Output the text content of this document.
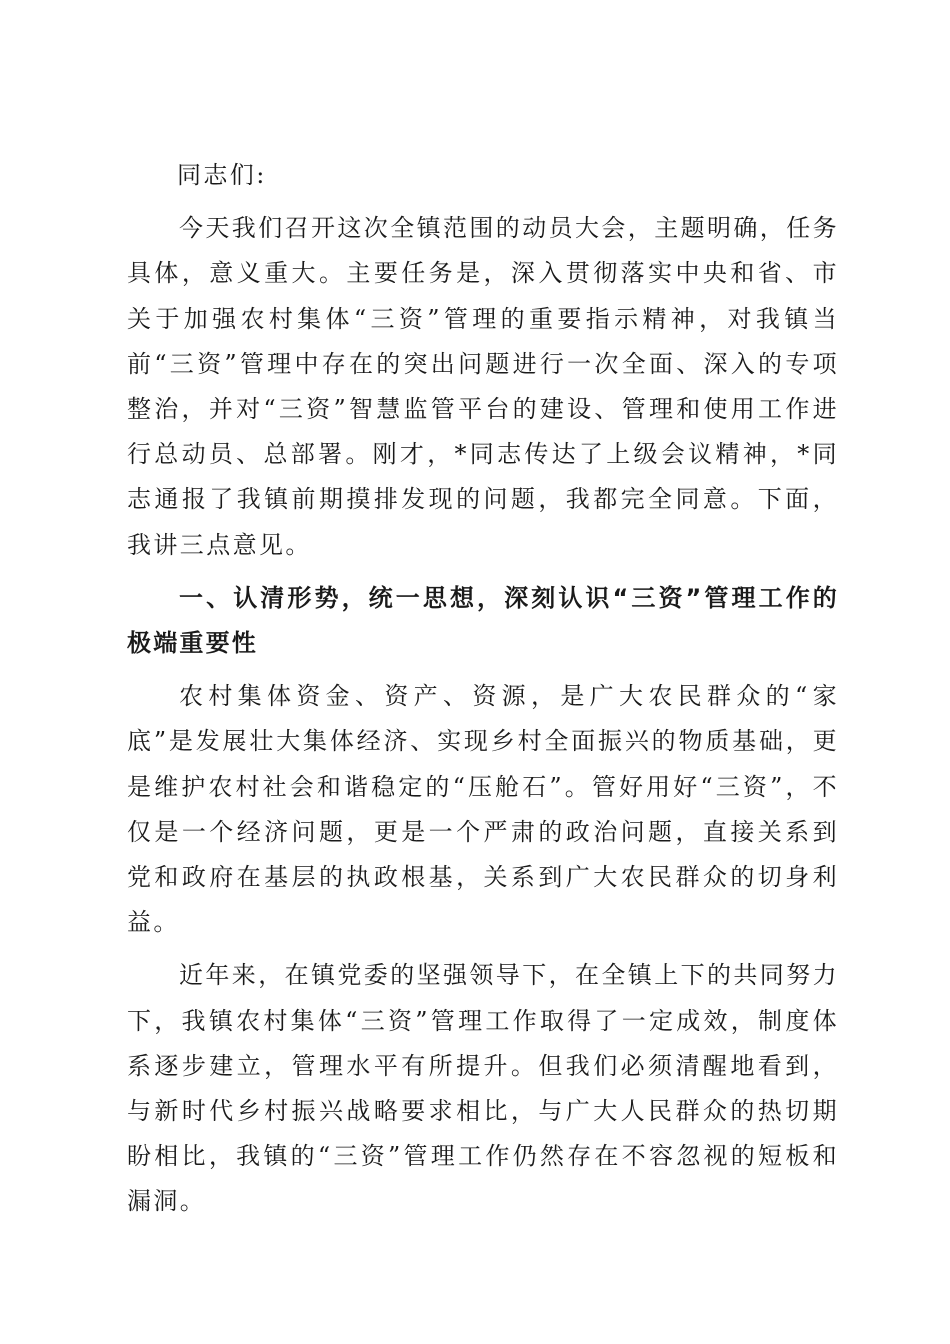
同志们:

今天我们召开这次全镇范围的动员大会，主题明确，任务具体，意义重大。主要任务是，深入贯彻落实中央和省、市关于加强农村集体“三资”管理的重要指示精神，对我镇当前“三资”管理中存在的突出问题进行一次全面、深入的专项整治，并对“三资”智慧监管平台的建设、管理和使用工作进行总动员、总部署。刚才，*同志传达了上级会议精神，*同志通报了我镇前期摸排发现的问题，我都完全同意。下面，我讲三点意见。

一、认清形势，统一思想，深刻认识“三资”管理工作的极端重要性

农村集体资金、资产、资源，是广大农民群众的“家底”是发展壮大集体经济、实现乡村全面振兴的物质基础，更是维护农村社会和谐稳定的“压舱石”。管好用好“三资”，不仅是一个经济问题，更是一个严肃的政治问题，直接关系到党和政府在基层的执政根基，关系到广大农民群众的切身利益。

近年来，在镇党委的坚强领导下，在全镇上下的共同努力下，我镇农村集体“三资”管理工作取得了一定成效，制度体系逐步建立，管理水平有所提升。但我们必须清醒地看到，与新时代乡村振兴战略要求相比，与广大人民群众的热切期盼相比，我镇的“三资”管理工作仍然存在不容忽视的短板和漏洞。
